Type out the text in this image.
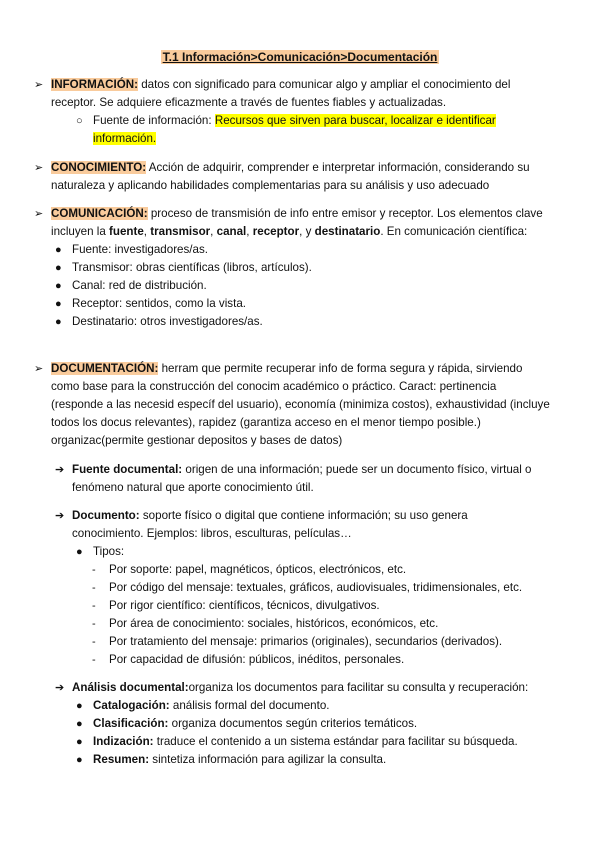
T.1 Información>Comunicación>Documentación
➢ INFORMACIÓN: datos con significado para comunicar algo y ampliar el conocimiento del receptor. Se adquiere eficazmente a través de fuentes fiables y actualizadas.
○ Fuente de información: Recursos que sirven para buscar, localizar e identificar información.
➢ CONOCIMIENTO: Acción de adquirir, comprender e interpretar información, considerando su naturaleza y aplicando habilidades complementarias para su análisis y uso adecuado
➢ COMUNICACIÓN: proceso de transmisión de info entre emisor y receptor. Los elementos clave incluyen la fuente, transmisor, canal, receptor, y destinatario. En comunicación científica:
● Fuente: investigadores/as.
● Transmisor: obras científicas (libros, artículos).
● Canal: red de distribución.
● Receptor: sentidos, como la vista.
● Destinatario: otros investigadores/as.
➢ DOCUMENTACIÓN: herram que permite recuperar info de forma segura y rápida, sirviendo como base para la construcción del conocim académico o práctico. Caract: pertinencia (responde a las necesid específ del usuario), economía (minimiza costos), exhaustividad (incluye todos los docus relevantes), rapidez (garantiza acceso en el menor tiempo posible.) organizac(permite gestionar depositos y bases de datos)
➔ Fuente documental: origen de una información; puede ser un documento físico, virtual o fenómeno natural que aporte conocimiento útil.
➔ Documento: soporte físico o digital que contiene información; su uso genera conocimiento. Ejemplos: libros, esculturas, películas…
● Tipos:
- Por soporte: papel, magnéticos, ópticos, electrónicos, etc.
- Por código del mensaje: textuales, gráficos, audiovisuales, tridimensionales, etc.
- Por rigor científico: científicos, técnicos, divulgativos.
- Por área de conocimiento: sociales, históricos, económicos, etc.
- Por tratamiento del mensaje: primarios (originales), secundarios (derivados).
- Por capacidad de difusión: públicos, inéditos, personales.
➔ Análisis documental:organiza los documentos para facilitar su consulta y recuperación:
● Catalogación: análisis formal del documento.
● Clasificación: organiza documentos según criterios temáticos.
● Indización: traduce el contenido a un sistema estándar para facilitar su búsqueda.
● Resumen: sintetiza información para agilizar la consulta.
